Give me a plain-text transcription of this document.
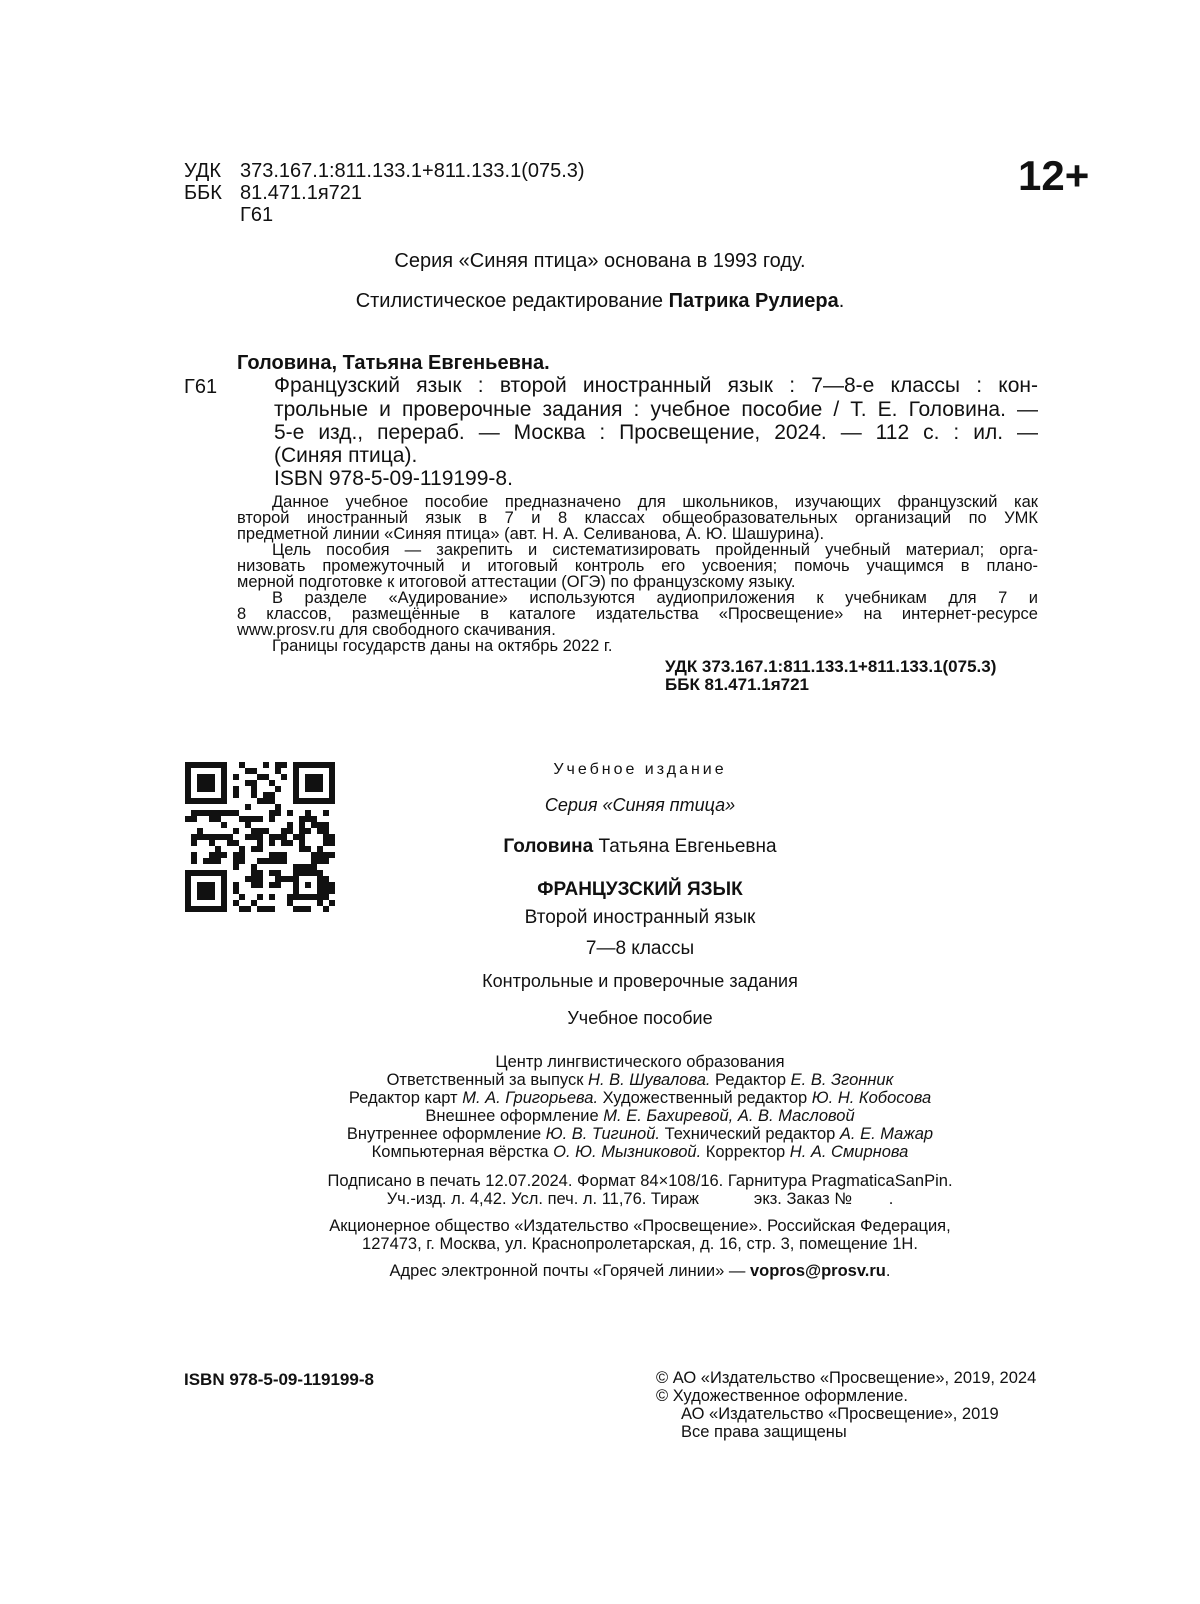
УДК 373.167.1:811.133.1+811.133.1(075.3)
ББК 81.471.1я721
Г61
12+
Серия «Синяя птица» основана в 1993 году.
Стилистическое редактирование Патрика Рулиера.
Головина, Татьяна Евгеньевна.
Г61	Французский язык : второй иностранный язык : 7—8-е классы : кон-
трольные и проверочные задания : учебное пособие / Т. Е. Головина. —
5-е изд., перераб. — Москва : Просвещение, 2024. — 112 с. : ил. —
(Синяя птица).
ISBN 978-5-09-119199-8.
Данное учебное пособие предназначено для школьников, изучающих французский как
второй иностранный язык в 7 и 8 классах общеобразовательных организаций по УМК
предметной линии «Синяя птица» (авт. Н. А. Селиванова, А. Ю. Шашурина).
Цель пособия — закрепить и систематизировать пройденный учебный материал; орга-
низовать промежуточный и итоговый контроль его усвоения; помочь учащимся в плано-
мерной подготовке к итоговой аттестации (ОГЭ) по французскому языку.
В разделе «Аудирование» используются аудиоприложения к учебникам для 7 и
8 классов, размещённые в каталоге издательства «Просвещение» на интернет-ресурсе
www.prosv.ru для свободного скачивания.
Границы государств даны на октябрь 2022 г.
УДК 373.167.1:811.133.1+811.133.1(075.3)
ББК 81.471.1я721
Учебное издание
Серия «Синяя птица»
Головина Татьяна Евгеньевна
ФРАНЦУЗСКИЙ ЯЗЫК
Второй иностранный язык
7—8 классы
Контрольные и проверочные задания
Учебное пособие
Центр лингвистического образования
Ответственный за выпуск Н. В. Шувалова. Редактор Е. В. Згонник
Редактор карт М. А. Григорьева. Художественный редактор Ю. Н. Кобосова
Внешнее оформление М. Е. Бахиревой, А. В. Масловой
Внутреннее оформление Ю. В. Тигиной. Технический редактор А. Е. Мажар
Компьютерная вёрстка О. Ю. Мызниковой. Корректор Н. А. Смирнова
Подписано в печать 12.07.2024. Формат 84×108/16. Гарнитура PragmaticaSanPin.
Уч.-изд. л. 4,42. Усл. печ. л. 11,76. Тираж            экз. Заказ №        .
Акционерное общество «Издательство «Просвещение». Российская Федерация,
127473, г. Москва, ул. Краснопролетарская, д. 16, стр. 3, помещение 1Н.
Адрес электронной почты «Горячей линии» — vopros@prosv.ru.
ISBN 978-5-09-119199-8	© АО «Издательство «Просвещение», 2019, 2024
© Художественное оформление.
АО «Издательство «Просвещение», 2019
Все права защищены
